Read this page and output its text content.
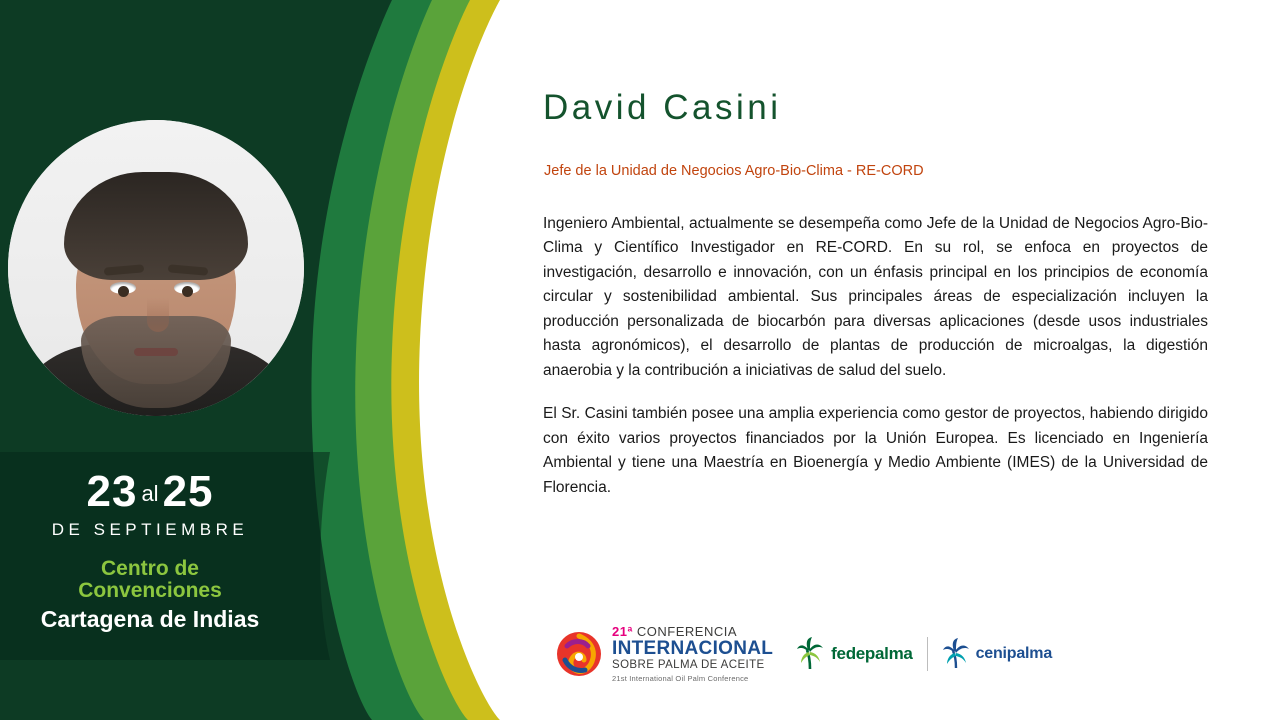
23 al25
DE SEPTIEMBRE
Centro de
Convenciones
Cartagena de Indias
David Casini
Jefe de la Unidad de Negocios Agro-Bio-Clima - RE-CORD

Ingeniero Ambiental, actualmente se desempeña como Jefe de la Unidad de Negocios Agro-Bio-Clima y Científico Investigador en RE-CORD. En su rol, se enfoca en proyectos de investigación, desarrollo e innovación, con un énfasis principal en los principios de economía circular y sostenibilidad ambiental. Sus principales áreas de especialización incluyen la producción personalizada de biocarbón para diversas aplicaciones (desde usos industriales hasta agronómicos), el desarrollo de plantas de producción de microalgas, la digestión anaerobia y la contribución a iniciativas de salud del suelo.

El Sr. Casini también posee una amplia experiencia como gestor de proyectos, habiendo dirigido con éxito varios proyectos financiados por la Unión Europea. Es licenciado en Ingeniería Ambiental y tiene una Maestría en Bioenergía y Medio Ambiente (IMES) de la Universidad de Florencia.

21ª CONFERENCIA
INTERNACIONAL
SOBRE PALMA DE ACEITE
21st International Oil Palm Conference
fedepalma	cenipalma
